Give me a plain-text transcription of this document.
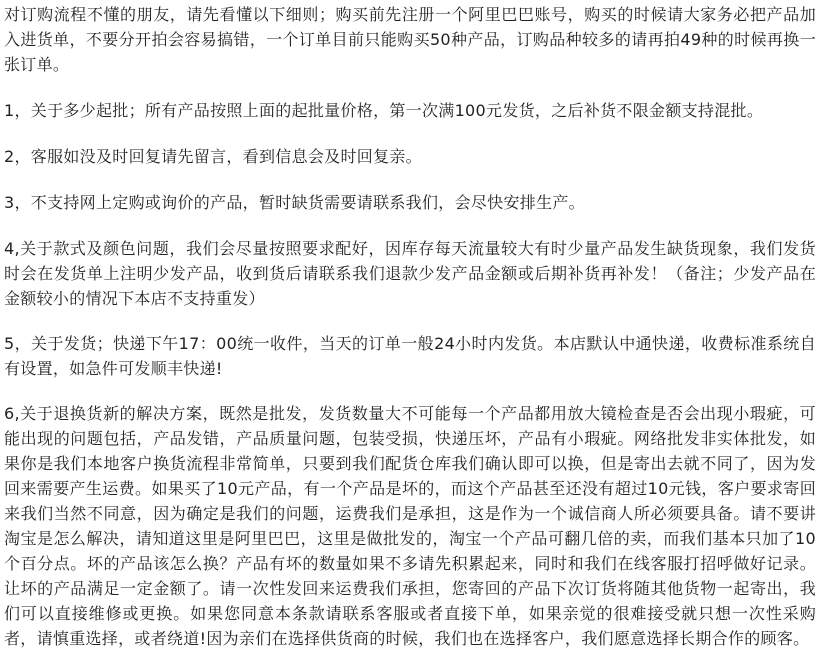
对订购流程不懂的朋友，请先看懂以下细则；购买前先注册一个阿里巴巴账号，购买的时候请大家务必把产品加入进货单，不要分开拍会容易搞错，一个订单目前只能购买50种产品，订购品种较多的请再拍49种的时候再换一张订单。

1，关于多少起批；所有产品按照上面的起批量价格，第一次满100元发货，之后补货不限金额支持混批。

2，客服如没及时回复请先留言，看到信息会及时回复亲。

3，不支持网上定购或询价的产品，暂时缺货需要请联系我们，会尽快安排生产。

4,关于款式及颜色问题，我们会尽量按照要求配好，因库存每天流量较大有时少量产品发生缺货现象，我们发货时会在发货单上注明少发产品，收到货后请联系我们退款少发产品金额或后期补货再补发！（备注；少发产品在金额较小的情况下本店不支持重发）

5，关于发货；快递下午17：00统一收件，当天的订单一般24小时内发货。本店默认中通快递，收费标准系统自有设置，如急件可发顺丰快递!

6,关于退换货新的解决方案，既然是批发，发货数量大不可能每一个产品都用放大镜检查是否会出现小瑕疵，可能出现的问题包括，产品发错，产品质量问题，包装受损，快递压坏，产品有小瑕疵。网络批发非实体批发，如果你是我们本地客户换货流程非常简单，只要到我们配货仓库我们确认即可以换，但是寄出去就不同了，因为发回来需要产生运费。如果买了10元产品，有一个产品是坏的，而这个产品甚至还没有超过10元钱，客户要求寄回来我们当然不同意，因为确定是我们的问题，运费我们是承担，这是作为一个诚信商人所必须要具备。请不要讲淘宝是怎么解决，请知道这里是阿里巴巴，这里是做批发的，淘宝一个产品可翻几倍的卖，而我们基本只加了10个百分点。坏的产品该怎么换？产品有坏的数量如果不多请先积累起来，同时和我们在线客服打招呼做好记录。让坏的产品满足一定金额了。请一次性发回来运费我们承担，您寄回的产品下次订货将随其他货物一起寄出，我们可以直接维修或更换。如果您同意本条款请联系客服或者直接下单，如果亲觉的很难接受就只想一次性采购者，请慎重选择，或者绕道!因为亲们在选择供货商的时候，我们也在选择客户，我们愿意选择长期合作的顾客。
